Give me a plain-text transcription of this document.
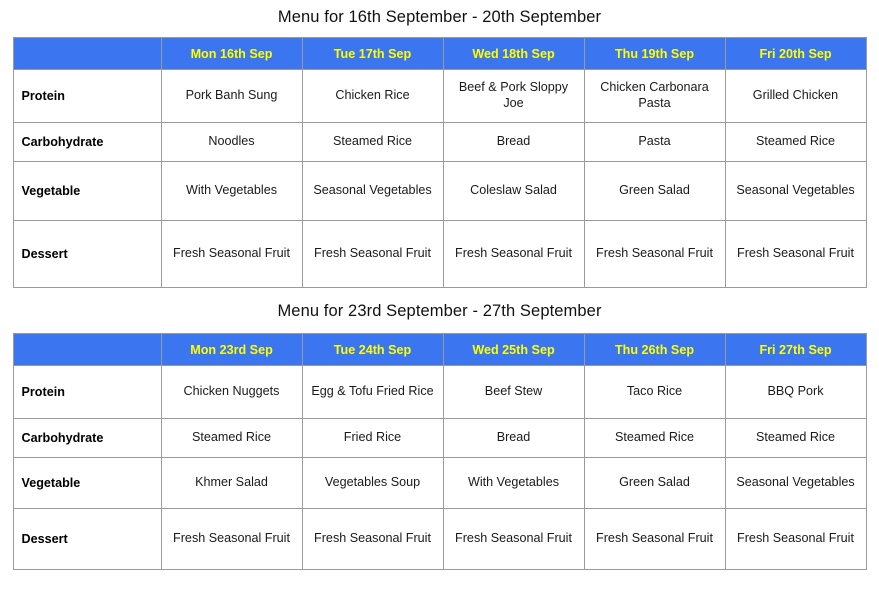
Menu for 16th September - 20th September
	Mon 16th Sep	Tue 17th Sep	Wed 18th Sep	Thu 19th Sep	Fri 20th Sep
Protein	Pork Banh Sung	Chicken Rice	Beef & Pork Sloppy Joe	Chicken Carbonara Pasta	Grilled Chicken
Carbohydrate	Noodles	Steamed Rice	Bread	Pasta	Steamed Rice
Vegetable	With Vegetables	Seasonal Vegetables	Coleslaw Salad	Green Salad	Seasonal Vegetables
Dessert	Fresh Seasonal Fruit	Fresh Seasonal Fruit	Fresh Seasonal Fruit	Fresh Seasonal Fruit	Fresh Seasonal Fruit
Menu for 23rd September - 27th September
	Mon 23rd Sep	Tue 24th Sep	Wed 25th Sep	Thu 26th Sep	Fri 27th Sep
Protein	Chicken Nuggets	Egg & Tofu Fried Rice	Beef Stew	Taco Rice	BBQ Pork
Carbohydrate	Steamed Rice	Fried Rice	Bread	Steamed Rice	Steamed Rice
Vegetable	Khmer Salad	Vegetables Soup	With Vegetables	Green Salad	Seasonal Vegetables
Dessert	Fresh Seasonal Fruit	Fresh Seasonal Fruit	Fresh Seasonal Fruit	Fresh Seasonal Fruit	Fresh Seasonal Fruit
